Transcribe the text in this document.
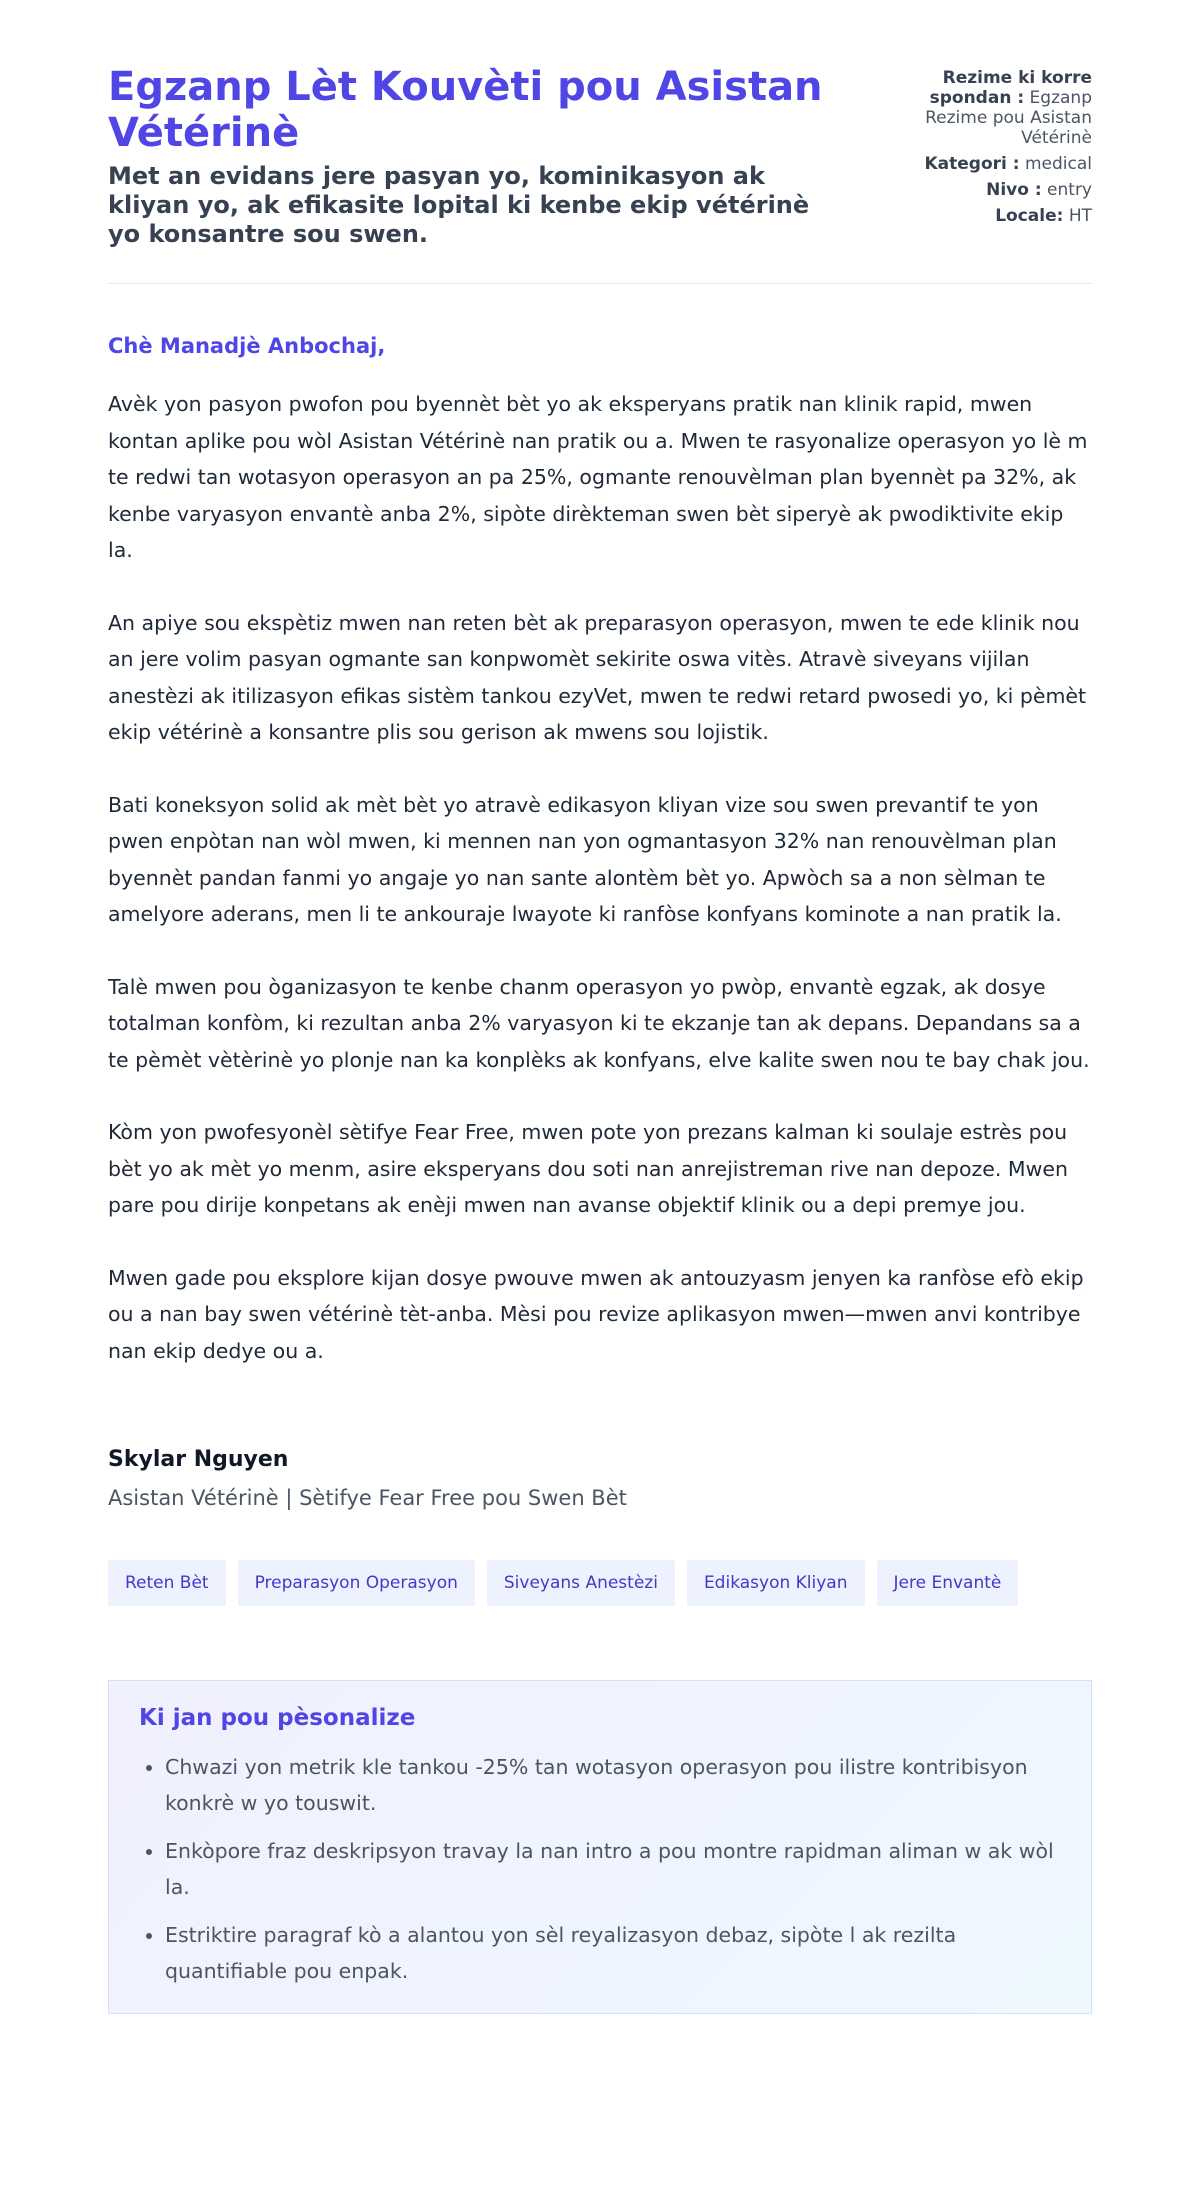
Egzanp Lèt Kouvèti pou Asistan Vétérinè
Met an evidans jere pasyan yo, kominikasyon ak kliyan yo, ak efikasite lopital ki kenbe ekip vétérinè yo konsantre sou swen.
Rezime ki korre spondan : Egzanp Rezime pou Asistan Vétérinè
Kategori : medical
Nivo : entry
Locale: HT
Chè Manadjè Anbochaj,

Avèk yon pasyon pwofon pou byennèt bèt yo ak eksperyans pratik nan klinik rapid, mwen kontan aplike pou wòl Asistan Vétérinè nan pratik ou a. Mwen te rasyonalize operasyon yo lè m te redwi tan wotasyon operasyon an pa 25%, ogmante renouvèlman plan byennèt pa 32%, ak kenbe varyasyon envantè anba 2%, sipòte dirèkteman swen bèt siperyè ak pwodiktivite ekip la.

An apiye sou ekspètiz mwen nan reten bèt ak preparasyon operasyon, mwen te ede klinik nou an jere volim pasyan ogmante san konpwomèt sekirite oswa vitès. Atravè siveyans vijilan anestèzi ak itilizasyon efikas sistèm tankou ezyVet, mwen te redwi retard pwosedi yo, ki pèmèt ekip vétérinè a konsantre plis sou gerison ak mwens sou lojistik.

Bati koneksyon solid ak mèt bèt yo atravè edikasyon kliyan vize sou swen prevantif te yon pwen enpòtan nan wòl mwen, ki mennen nan yon ogmantasyon 32% nan renouvèlman plan byennèt pandan fanmi yo angaje yo nan sante alontèm bèt yo. Apwòch sa a non sèlman te amelyore aderans, men li te ankouraje lwayote ki ranfòse konfyans kominote a nan pratik la.

Talè mwen pou òganizasyon te kenbe chanm operasyon yo pwòp, envantè egzak, ak dosye totalman konfòm, ki rezultan anba 2% varyasyon ki te ekzanje tan ak depans. Depandans sa a te pèmèt vètèrinè yo plonje nan ka konplèks ak konfyans, elve kalite swen nou te bay chak jou.

Kòm yon pwofesyonèl sètifye Fear Free, mwen pote yon prezans kalman ki soulaje estrès pou bèt yo ak mèt yo menm, asire eksperyans dou soti nan anrejistreman rive nan depoze. Mwen pare pou dirije konpetans ak enèji mwen nan avanse objektif klinik ou a depi premye jou.

Mwen gade pou eksplore kijan dosye pwouve mwen ak antouzyasm jenyen ka ranfòse efò ekip ou a nan bay swen vétérinè tèt-anba. Mèsi pou revize aplikasyon mwen—mwen anvi kontribye nan ekip dedye ou a.

Skylar Nguyen
Asistan Vétérinè | Sètifye Fear Free pou Swen Bèt
Reten Bèt	Preparasyon Operasyon	Siveyans Anestèzi	Edikasyon Kliyan	Jere Envantè
Ki jan pou pèsonalize
• Chwazi yon metrik kle tankou -25% tan wotasyon operasyon pou ilistre kontribisyon konkrè w yo touswit.
• Enkòpore fraz deskripsyon travay la nan intro a pou montre rapidman aliman w ak wòl la.
• Estriktire paragraf kò a alantou yon sèl reyalizasyon debaz, sipòte l ak rezilta quantifiable pou enpak.
